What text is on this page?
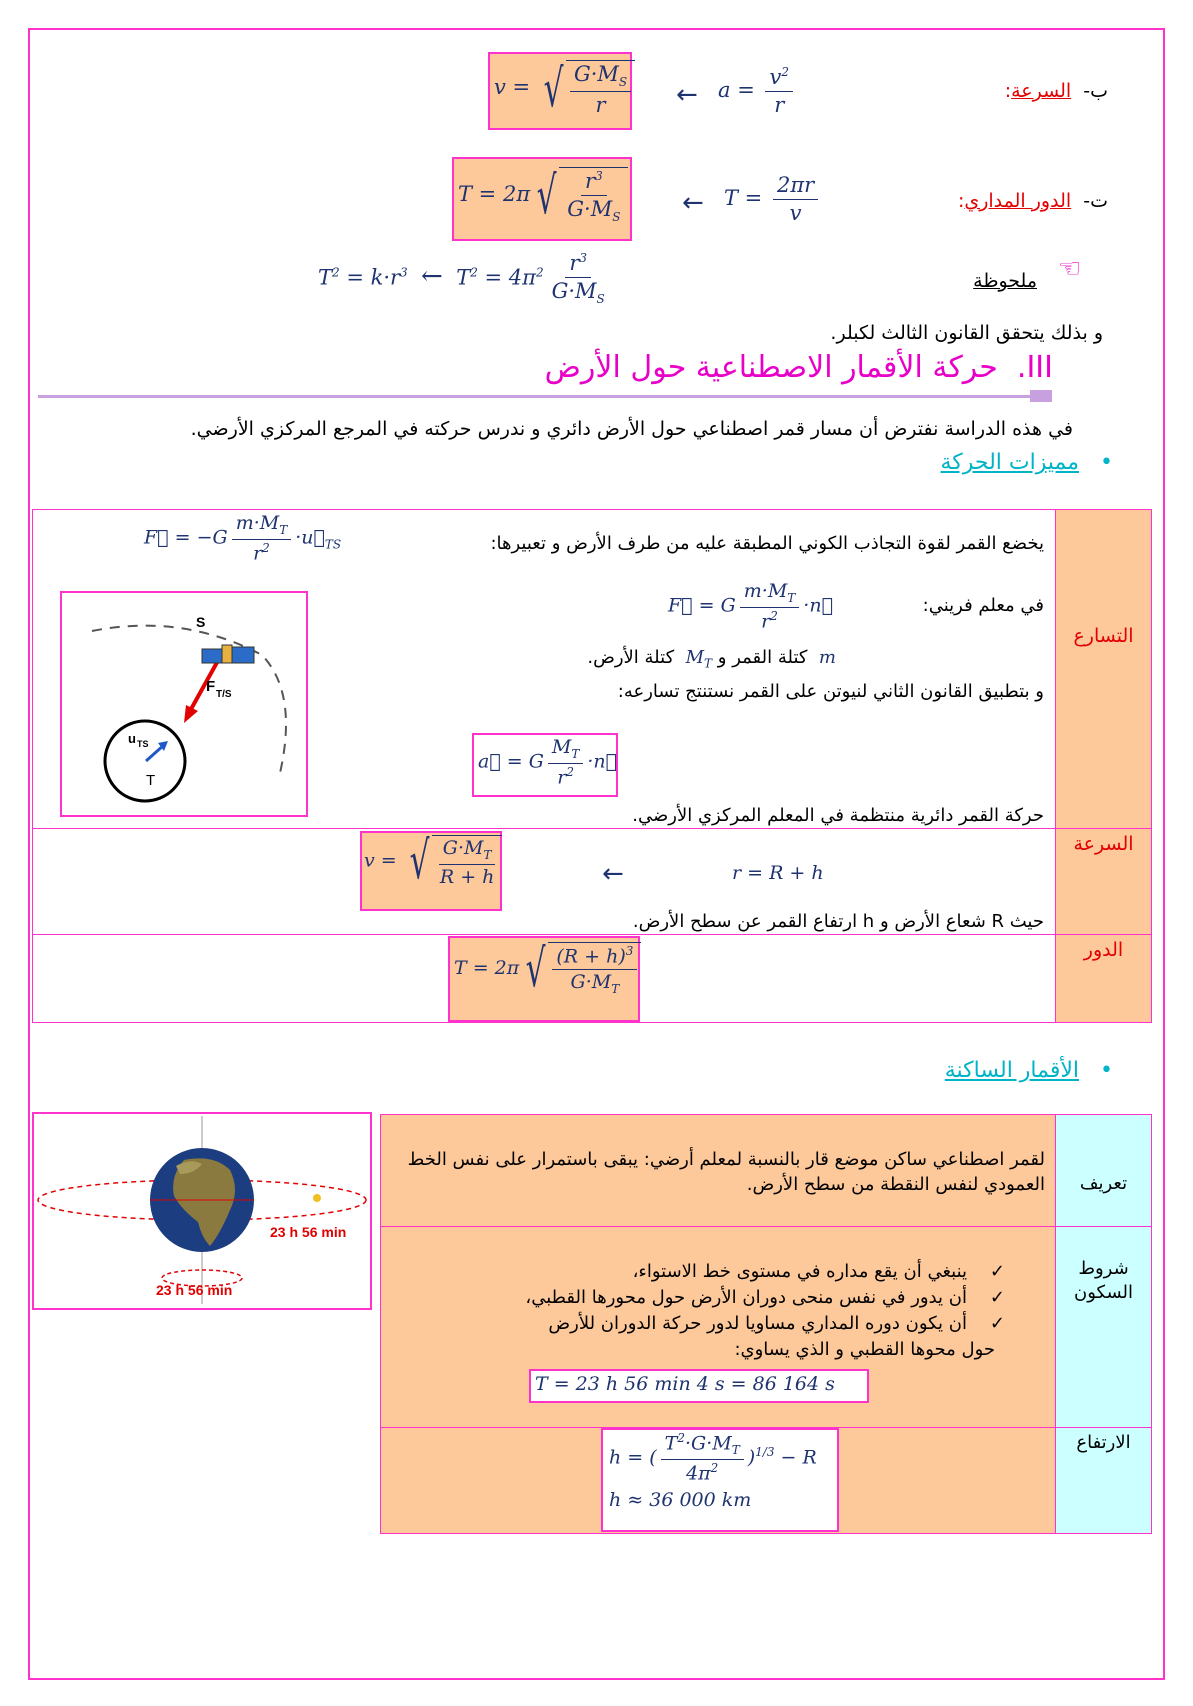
ب-  السرعة:
$a = \frac{v^2}{r}$
←
v = √ $\frac{G\cdot M_S}{r}$
ت-  الدور المداري:
$T = \frac{2\pi r}{v}$
←
T = 2π √ $\frac{r^3}{G\cdot M_S}$
☜
ملحوظة
$T^2 = k\cdot r^3$ ←  $T^2 = 4\pi^2 \frac{r^3}{G\cdot M_S}$
و بذلك يتحقق القانون الثالث لكبلر.
III.  حركة الأقمار الاصطناعية حول الأرض
في هذه الدراسة نفترض أن مسار قمر اصطناعي حول الأرض دائري و ندرس حركته في المرجع المركزي الأرضي.
•   مميزات الحركة
التسارع
السرعة
الدور
يخضع القمر لقوة التجاذب الكوني المطبقة عليه من طرف الأرض و تعبيرها:
F⃗ = $-G \frac{m\cdot M_T}{r^2}$ $\cdot u⃗_{TS}$
في معلم فريني:
F⃗ = G $\frac{m\cdot M_T}{r^2}$ ·n⃗
m  كتلة القمر و $M_T$  كتلة الأرض.
و بتطبيق القانون الثاني لنيوتن على القمر نستنتج تسارعه:
a⃗ = G $\frac{M_T}{r^2}$ ·n⃗
حركة القمر دائرية منتظمة في المعلم المركزي الأرضي.
S
T
F T/S
u TS
v = √ $\frac{G\cdot M_T}{R + h}$	←	r = R + h
حيث R شعاع الأرض و h ارتفاع القمر عن سطح الأرض.
T = 2π √ $\frac{(R + h)^3}{G\cdot M_T}$
•   الأقمار الساكنة
23 h 56 min
23 h 56 min
تعريف
شروط السكون
الارتفاع
لقمر اصطناعي ساكن موضع قار بالنسبة لمعلم أرضي: يبقى باستمرار على نفس الخط العمودي لنفس النقطة من سطح الأرض.
✓    ينبغي أن يقع مداره في مستوى خط الاستواء،
✓    أن يدور في نفس منحى دوران الأرض حول محورها القطبي،
✓    أن يكون دوره المداري مساويا لدور حركة الدوران للأرض
حول محوها القطبي و الذي يساوي:
T = 23 h 56 min 4 s = 86 164 s
h = ( $\frac{T^2\cdot G\cdot M_T}{4\pi^2} )^{1/3} - R$
h ≈ 36 000 km
